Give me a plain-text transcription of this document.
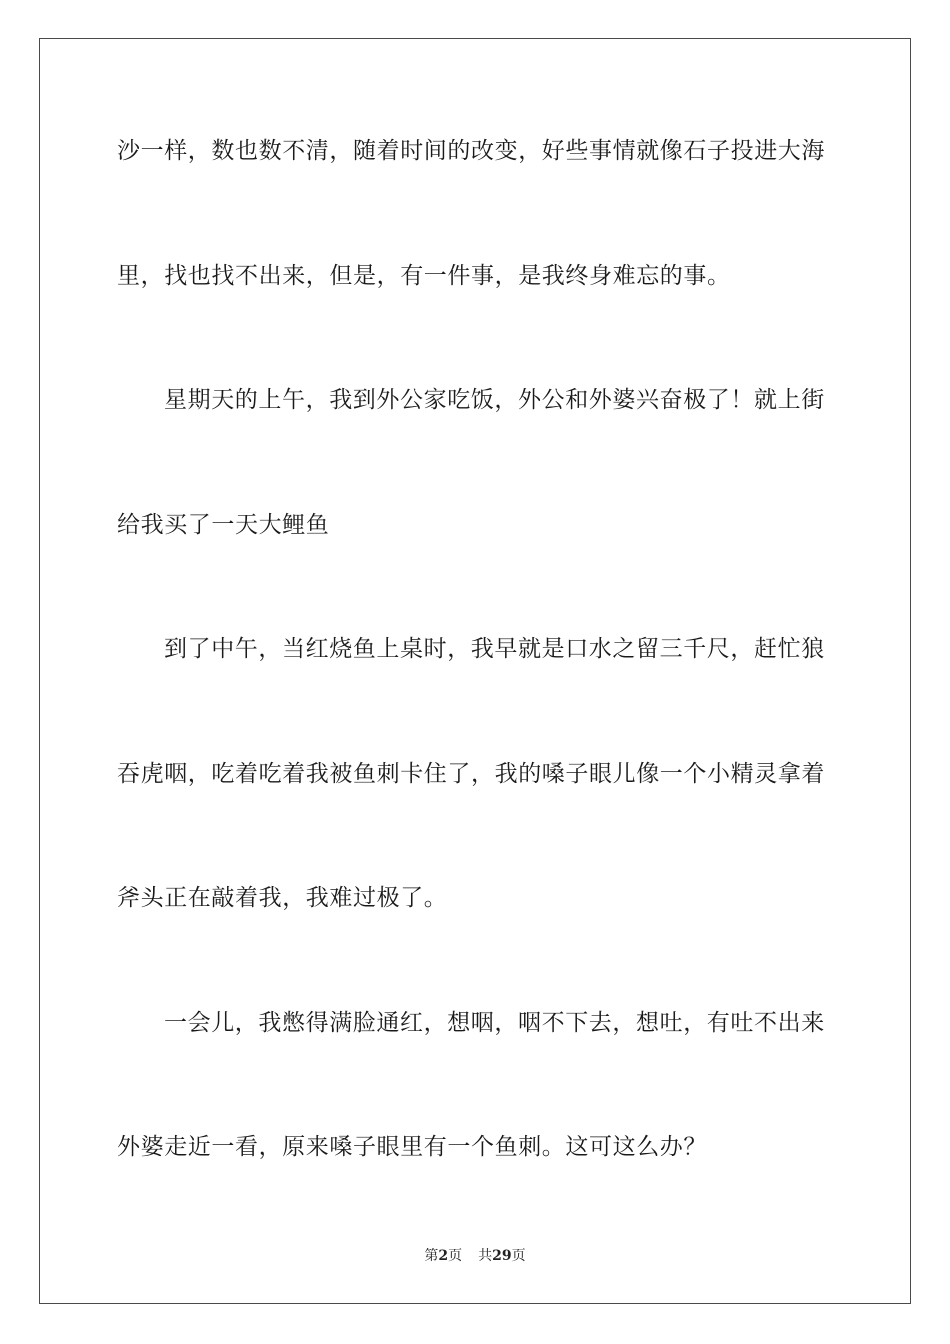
沙一样，数也数不清，随着时间的改变，好些事情就像石子投进大海
里，找也找不出来，但是，有一件事，是我终身难忘的事。
星期天的上午，我到外公家吃饭，外公和外婆兴奋极了！就上街
给我买了一天大鲤鱼
到了中午，当红烧鱼上桌时，我早就是口水之留三千尺，赶忙狼
吞虎咽，吃着吃着我被鱼刺卡住了，我的嗓子眼儿像一个小精灵拿着
斧头正在敲着我，我难过极了。
一会儿，我憋得满脸通红，想咽，咽不下去，想吐，有吐不出来
外婆走近一看，原来嗓子眼里有一个鱼刺。这可这么办？
第2页 共29页
